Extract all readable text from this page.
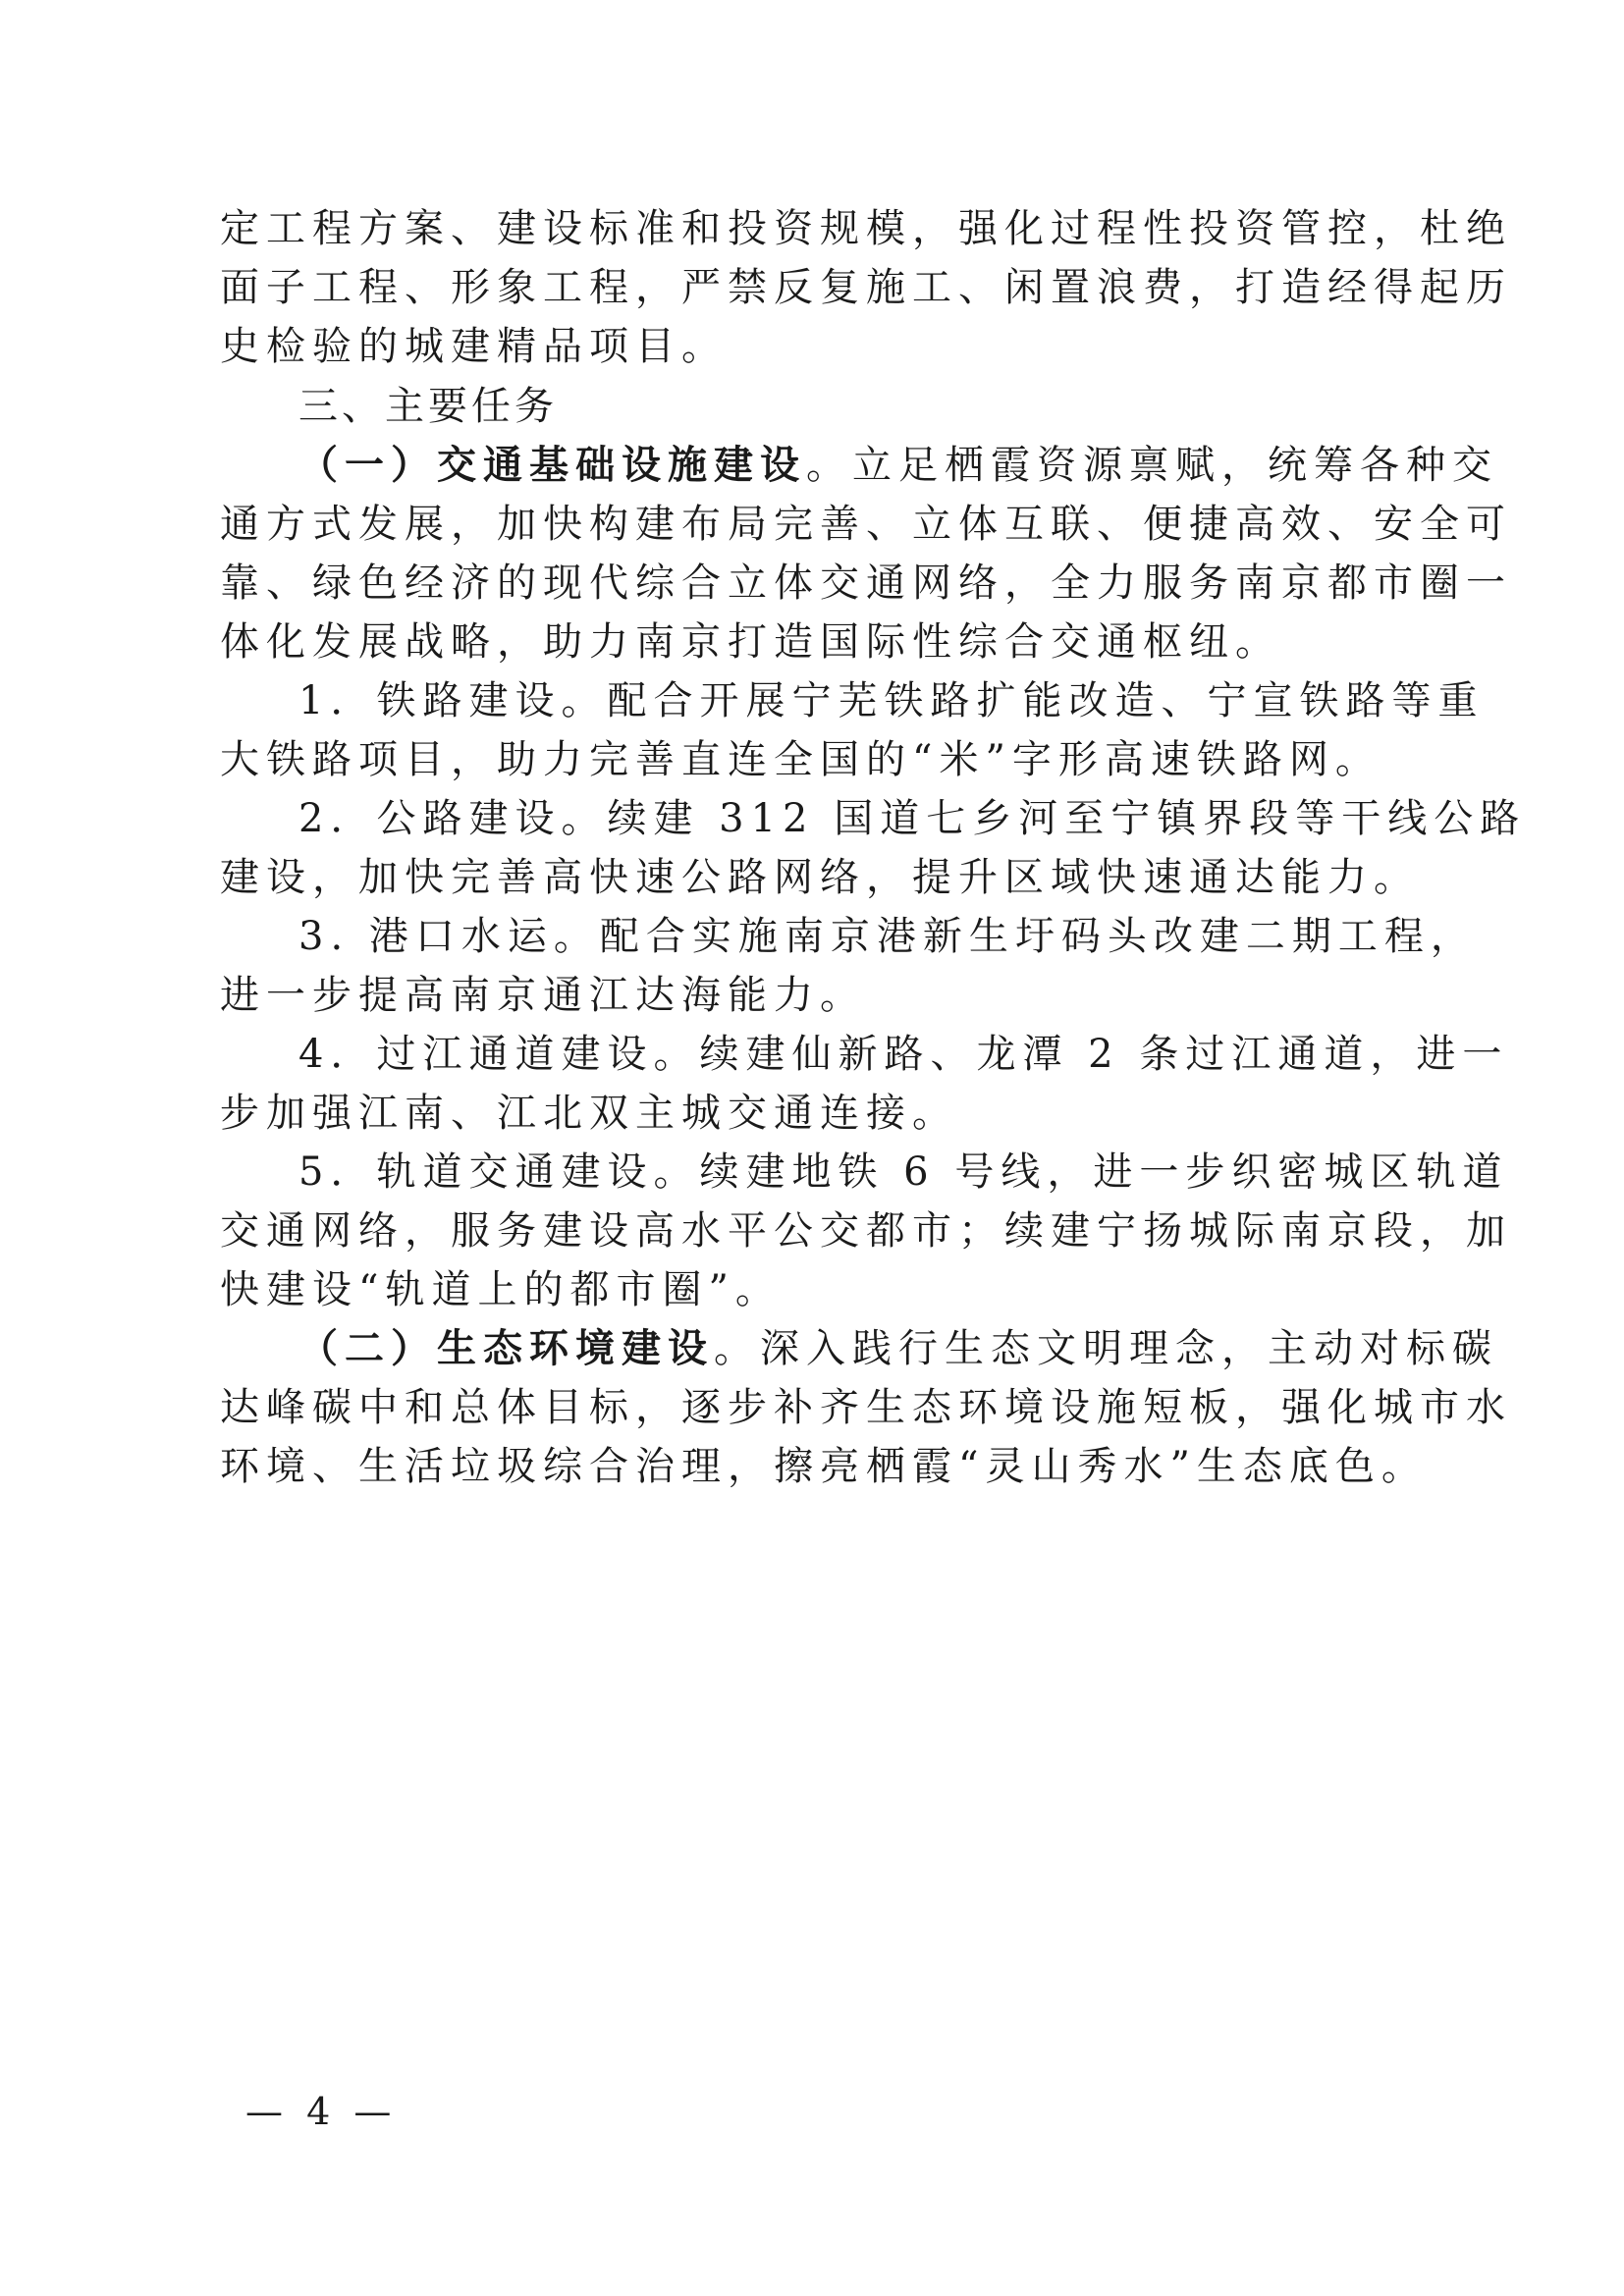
定工程方案、建设标准和投资规模，强化过程性投资管控，杜绝
面子工程、形象工程，严禁反复施工、闲置浪费，打造经得起历
史检验的城建精品项目。
三、主要任务
（一）交通基础设施建设。立足栖霞资源禀赋，统筹各种交
通方式发展，加快构建布局完善、立体互联、便捷高效、安全可
靠、绿色经济的现代综合立体交通网络，全力服务南京都市圈一
体化发展战略，助力南京打造国际性综合交通枢纽。
1．铁路建设。配合开展宁芜铁路扩能改造、宁宣铁路等重
大铁路项目，助力完善直连全国的“米”字形高速铁路网。
2．公路建设。续建 312 国道七乡河至宁镇界段等干线公路
建设，加快完善高快速公路网络，提升区域快速通达能力。
3. 港口水运。配合实施南京港新生圩码头改建二期工程，
进一步提高南京通江达海能力。
4．过江通道建设。续建仙新路、龙潭 2 条过江通道，进一
步加强江南、江北双主城交通连接。
5．轨道交通建设。续建地铁 6 号线，进一步织密城区轨道
交通网络，服务建设高水平公交都市；续建宁扬城际南京段，加
快建设“轨道上的都市圈”。
（二）生态环境建设。深入践行生态文明理念，主动对标碳
达峰碳中和总体目标，逐步补齐生态环境设施短板，强化城市水
环境、生活垃圾综合治理，擦亮栖霞“灵山秀水”生态底色。
— 4 —
